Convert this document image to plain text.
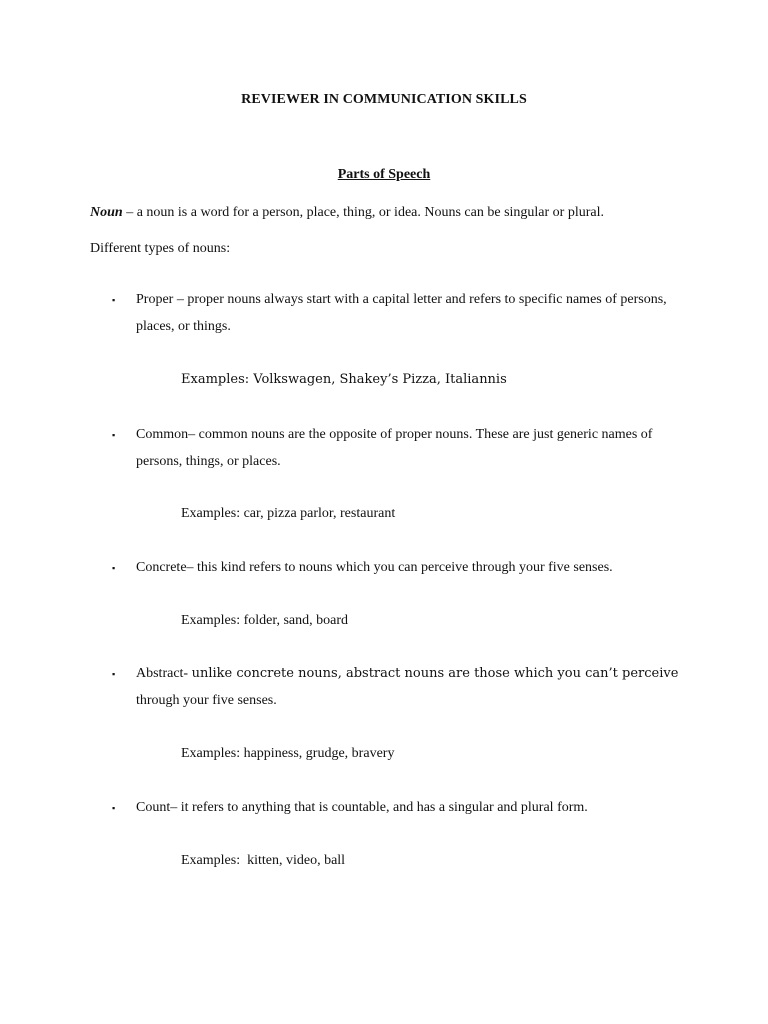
REVIEWER IN COMMUNICATION SKILLS
Parts of Speech
Noun – a noun is a word for a person, place, thing, or idea. Nouns can be singular or plural.
Different types of nouns:
▪ Proper – proper nouns always start with a capital letter and refers to specific names of persons, places, or things.
Examples: Volkswagen, Shakey’s Pizza, Italiannis
▪ Common– common nouns are the opposite of proper nouns. These are just generic names of persons, things, or places.
Examples: car, pizza parlor, restaurant
▪ Concrete– this kind refers to nouns which you can perceive through your five senses.
Examples: folder, sand, board
▪ Abstract- unlike concrete nouns, abstract nouns are those which you can’t perceive
through your five senses.
Examples: happiness, grudge, bravery
▪ Count– it refers to anything that is countable, and has a singular and plural form.
Examples:  kitten, video, ball
